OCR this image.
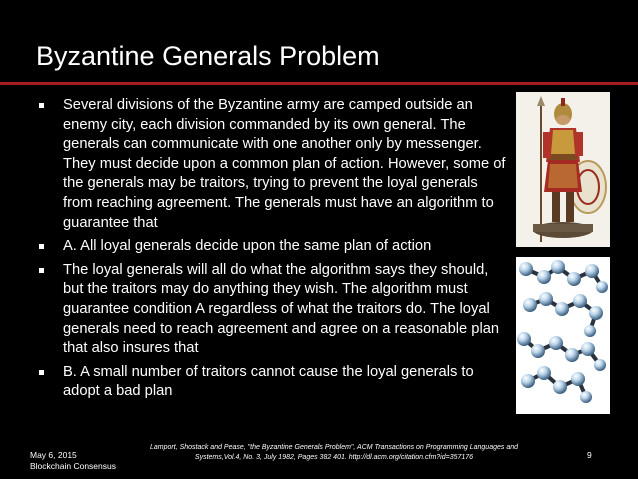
Byzantine Generals Problem
Several divisions of the Byzantine army are camped outside an enemy city, each division commanded by its own general. The generals can communicate with one another only by messenger. They must decide upon a common plan of action. However, some of the generals may be traitors, trying to prevent the loyal generals from reaching agreement. The generals must have an algorithm to guarantee that
A. All loyal generals decide upon the same plan of action
The loyal generals will all do what the algorithm says they should, but the traitors may do anything they wish. The algorithm must guarantee condition A regardless of what the traitors do. The loyal generals need to reach agreement and agree on a reasonable plan that also insures that
B. A small number of traitors cannot cause the loyal generals to adopt a bad plan
May 6, 2015
Blockchain Consensus
Lamport, Shostack and Pease, "the Byzantine Generals Problem", ACM Transactions on Programming Languages and Systems,Vol.4, No. 3, July 1982, Pages 382 401. http://dl.acm.org/citation.cfm?id=357176	9
